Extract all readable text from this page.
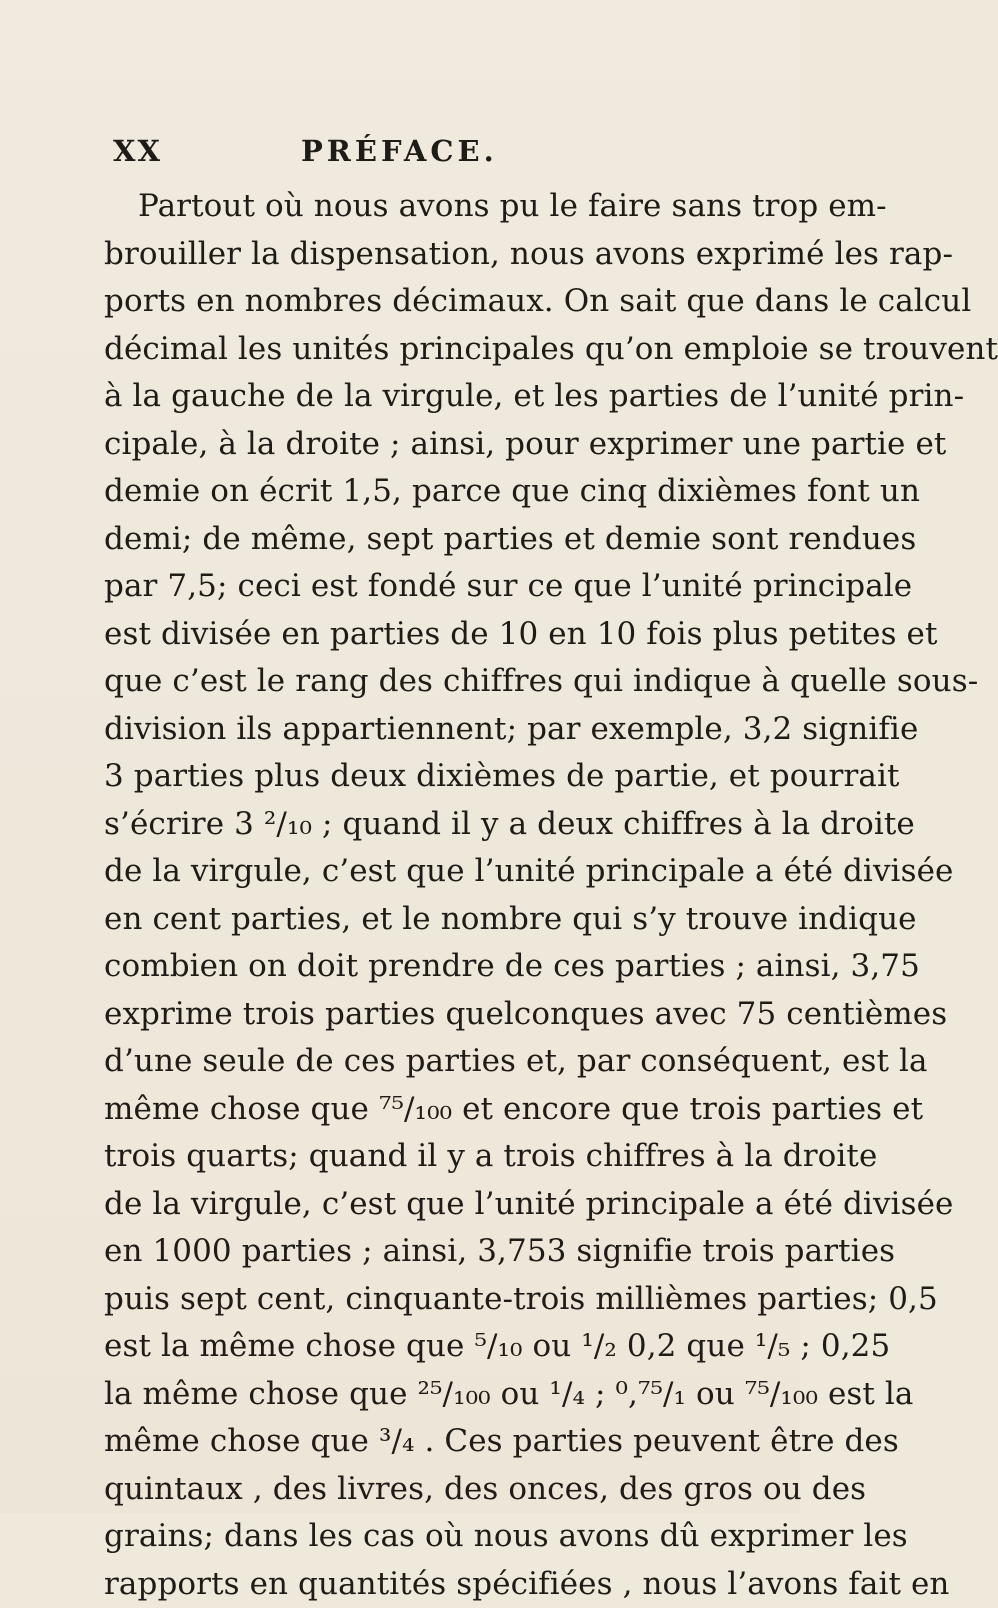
XX	PRÉFACE.
Partout où nous avons pu le faire sans trop em-
brouiller la dispensation, nous avons exprimé les rap-
ports en nombres décimaux. On sait que dans le calcul
décimal les unités principales qu’on emploie se trouvent
à la gauche de la virgule, et les parties de l’unité prin-
cipale, à la droite ; ainsi, pour exprimer une partie et
demie on écrit 1,5, parce que cinq dixièmes font un
demi; de même, sept parties et demie sont rendues
par 7,5; ceci est fondé sur ce que l’unité principale
est divisée en parties de 10 en 10 fois plus petites et
que c’est le rang des chiffres qui indique à quelle sous-
division ils appartiennent; par exemple, 3,2 signifie
3 parties plus deux dixièmes de partie, et pourrait
s’écrire 3 ²/₁₀ ; quand il y a deux chiffres à la droite
de la virgule, c’est que l’unité principale a été divisée
en cent parties, et le nombre qui s’y trouve indique
combien on doit prendre de ces parties ; ainsi, 3,75
exprime trois parties quelconques avec 75 centièmes
d’une seule de ces parties et, par conséquent, est la
même chose que ⁷⁵/₁₀₀ et encore que trois parties et
trois quarts; quand il y a trois chiffres à la droite
de la virgule, c’est que l’unité principale a été divisée
en 1000 parties ; ainsi, 3,753 signifie trois parties
puis sept cent, cinquante-trois millièmes parties; 0,5
est la même chose que ⁵/₁₀ ou ¹/₂ 0,2 que ¹/₅ ; 0,25
la même chose que ²⁵/₁₀₀ ou ¹/₄ ; ⁰,⁷⁵/₁ ou ⁷⁵/₁₀₀ est la
même chose que ³/₄ . Ces parties peuvent être des
quintaux , des livres, des onces, des gros ou des
grains; dans les cas où nous avons dû exprimer les
rapports en quantités spécifiées , nous l’avons fait en
